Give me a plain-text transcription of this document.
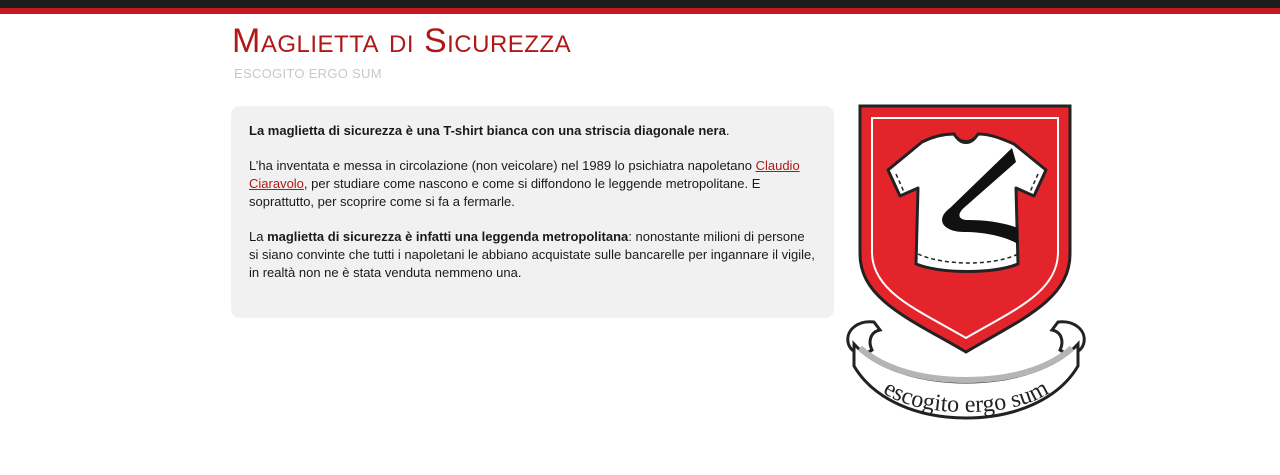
Maglietta di Sicurezza
ESCOGITO ERGO SUM

La maglietta di sicurezza è una T-shirt bianca con una striscia diagonale nera.

L’ha inventata e messa in circolazione (non veicolare) nel 1989 lo psichiatra napoletano Claudio Ciaravolo, per studiare come nascono e come si diffondono le leggende metropolitane. E soprattutto, per scoprire come si fa a fermarle.

La maglietta di sicurezza è infatti una leggenda metropolitana: nonostante milioni di persone si siano convinte che tutti i napoletani le abbiano acquistate sulle bancarelle per ingannare il vigile, in realtà non ne è stata venduta nemmeno una.

escogito ergo sum
